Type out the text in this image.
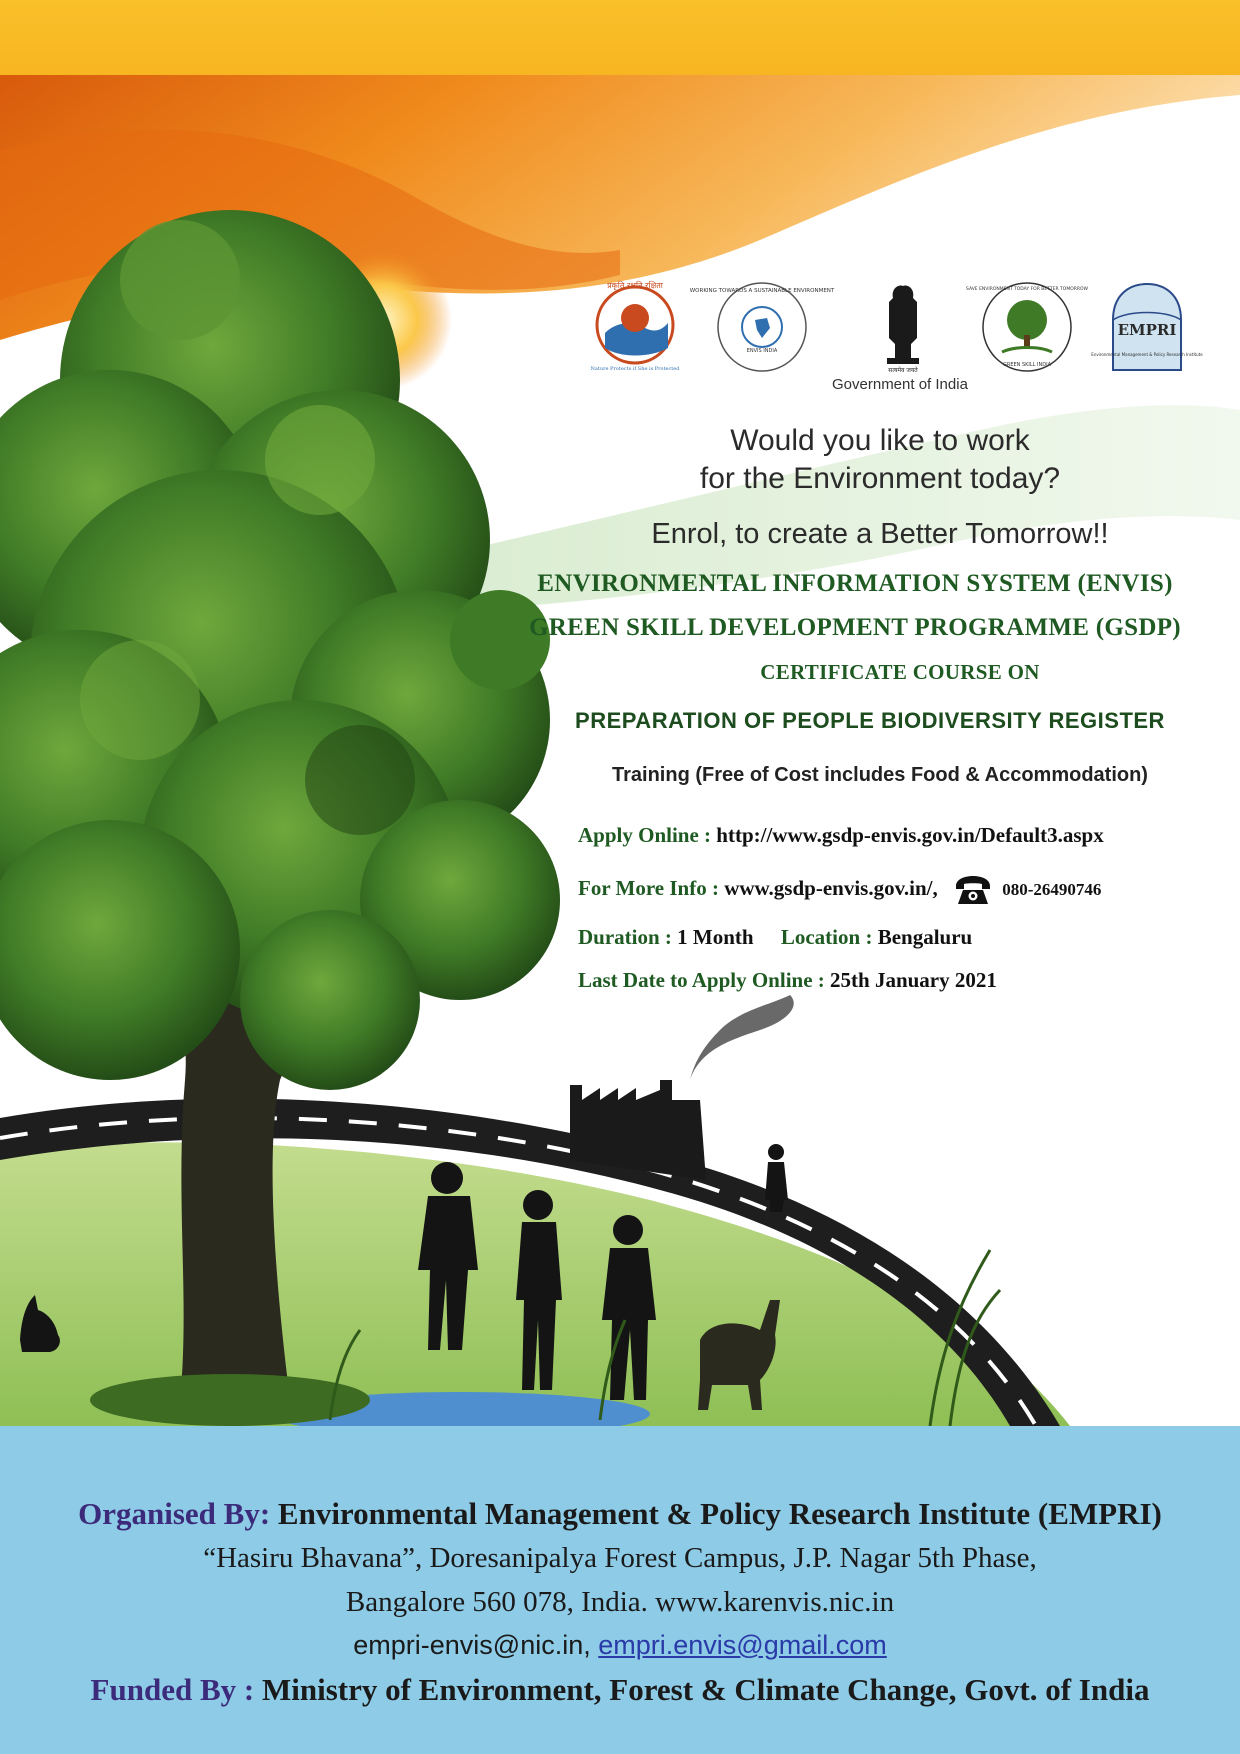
प्रकृति रक्षति रक्षिता
Nature Protects if She is Protected
ENVIS INDIA
WORKING TOWARDS A SUSTAINABLE ENVIRONMENT
सत्यमेव जयते
SAVE ENVIRONMENT TODAY FOR BETTER TOMORROW
GREEN SKILL INDIA
EMPRI
Environmental Management & Policy Research Institute
Government of India
Would you like to work
for the Environment today?
Enrol, to create a Better Tomorrow!!
ENVIRONMENTAL INFORMATION SYSTEM (ENVIS)
GREEN SKILL DEVELOPMENT PROGRAMME (GSDP)
CERTIFICATE COURSE ON
PREPARATION OF PEOPLE BIODIVERSITY REGISTER
Training (Free of Cost includes Food & Accommodation)
Apply Online : http://www.gsdp-envis.gov.in/Default3.aspx
For More Info : www.gsdp-envis.gov.in/,	080-26490746
Duration : 1 Month Location : Bengaluru
Last Date to Apply Online : 25th January 2021
Organised By: Environmental Management & Policy Research Institute (EMPRI)
“Hasiru Bhavana”, Doresanipalya Forest Campus, J.P. Nagar 5th Phase,
Bangalore 560 078, India. www.karenvis.nic.in
empri-envis@nic.in, empri.envis@gmail.com
Funded By : Ministry of Environment, Forest & Climate Change, Govt. of India
